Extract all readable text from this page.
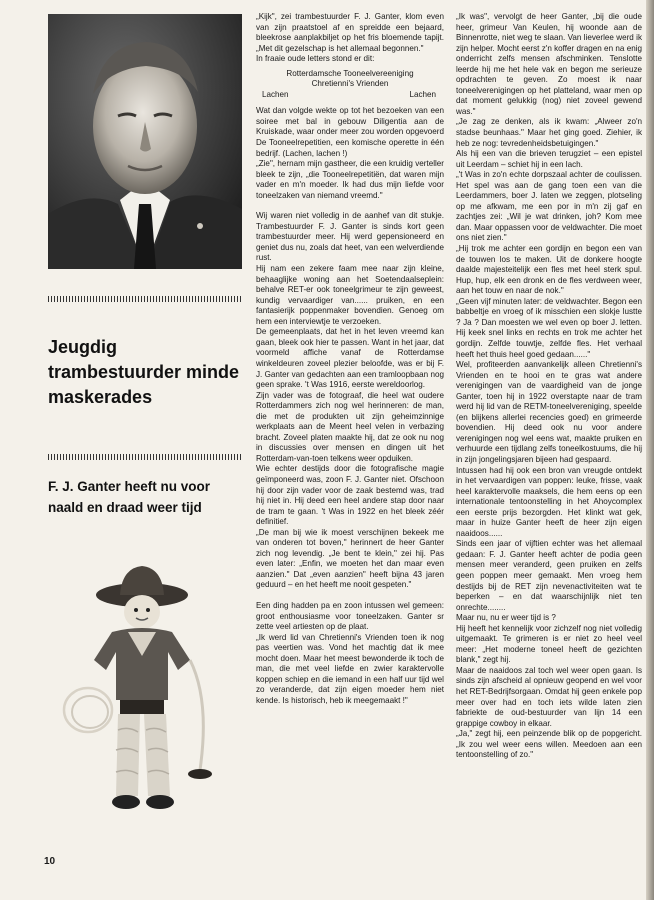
Jeugdig trambestuurder minde maskerades
F. J. Ganter heeft nu voor naald en draad weer tijd

„Kijk", zei trambestuurder F. J. Ganter, klom even van zijn praatstoel af en spreidde een bejaard, bleekrose aanplakbiljet op het fris bloemende tapijt. „Met dit gezelschap is het allemaal begonnen."

In fraaie oude letters stond er dit:

Rotterdamsche Tooneelvereeniging
Chretienni's Vrienden
Lachen	Lachen

Wat dan volgde wekte op tot het bezoeken van een soiree met bal in gebouw Diligentia aan de Kruiskade, waar onder meer zou worden opgevoerd De Tooneelrepetitien, een komische operette in één bedrijf. (Lachen, lachen !)

„Zie", hernam mijn gastheer, die een kruidig verteller bleek te zijn, „die Tooneelrepetitiën, dat waren mijn vader en m'n moeder. Ik had dus mijn liefde voor toneelzaken van niemand vreemd."

Wij waren niet volledig in de aanhef van dit stukje. Trambestuurder F. J. Ganter is sinds kort geen trambestuurder meer. Hij werd gepensioneerd en geniet dus nu, zoals dat heet, van een welverdiende rust.

Hij nam een zekere faam mee naar zijn kleine, behaaglijke woning aan het Soetendaalseplein: behalve RET-er ook toneelgrimeur te zijn geweest, kundig vervaardiger van...... pruiken, en een fantasierijk poppenmaker bovendien. Genoeg om hem een interviewtje te verzoeken.

De gemeenplaats, dat het in het leven vreemd kan gaan, bleek ook hier te passen. Want in het jaar, dat voormeld affiche vanaf de Rotterdamse winkeldeuren zoveel plezier beloofde, was er bij F. J. Ganter van gedachten aan een tramloopbaan nog geen sprake. 't Was 1916, eerste wereldoorlog.

Zijn vader was de fotograaf, die heel wat oudere Rotterdammers zich nog wel herinneren: de man, die met de produkten uit zijn geheimzinnige werkplaats aan de Meent heel velen in verbazing bracht. Zoveel platen maakte hij, dat ze ook nu nog in discussies over mensen en dingen uit het Rotterdam-van-toen telkens weer opduiken.

Wie echter destijds door die fotografische magie geïmponeerd was, zoon F. J. Ganter niet. Ofschoon hij door zijn vader voor de zaak bestemd was, trad hij niet in. Hij deed een heel andere stap door naar de tram te gaan. 't Was in 1922 en het bleek zéér definitief.

„De man bij wie ik moest verschijnen bekeek me van onderen tot boven," herinnert de heer Ganter zich nog levendig. „Je bent te klein," zei hij. Pas even later: „Enfin, we moeten het dan maar even aanzien." Dat „even aanzien" heeft bijna 43 jaren geduurd – en het heeft me nooit gespeten."

Een ding hadden pa en zoon intussen wel gemeen: groot enthousiasme voor toneelzaken. Ganter sr zette veel artiesten op de plaat.

„Ik werd lid van Chretienni's Vrienden toen ik nog pas veertien was. Vond het machtig dat ik mee mocht doen. Maar het meest bewonderde ik toch de man, die met veel liefde en zwier karaktervolle koppen schiep en die iemand in een half uur tijd wel zo veranderde, dat zijn eigen moeder hem niet kende. Is historisch, heb ik meegemaakt !"

„Ik was", vervolgt de heer Ganter, „bij die oude heer, grimeur Van Keulen, hij woonde aan de Binnenrotte, niet weg te slaan. Van lieverlee werd ik zijn helper. Mocht eerst z'n koffer dragen en na enig onderricht zelfs mensen afschminken. Tenslotte leerde hij me het hele vak en begon me serieuze opdrachten te geven. Zo moest ik naar toneelverenigingen op het platteland, waar men op dat moment gelukkig (nog) niet zoveel gewend was."

„Je zag ze denken, als ik kwam: „Alweer zo'n stadse beunhaas." Maar het ging goed. Ziehier, ik heb ze nog: tevredenheidsbetuigingen."

Als hij een van die brieven terugziet – een epistel uit Leerdam – schiet hij in een lach.

„'t Was in zo'n echte dorpszaal achter de coulissen. Het spel was aan de gang toen een van die Leerdammers, boer J. laten we zeggen, plotseling op me afkwam, me een por in m'n zij gaf en zachtjes zei: „Wil je wat drinken, joh? Kom mee dan. Maar oppassen voor de veldwachter. Die moet ons niet zien."

„Hij trok me achter een gordijn en begon een van de touwen los te maken. Uit de donkere hoogte daalde majesteitelijk een fles met heel sterk spul. Hup, hup, elk een dronk en de fles verdween weer, aan het touw en naar de nok."

„Geen vijf minuten later: de veldwachter. Begon een babbeltje en vroeg of ik misschien een slokje lustte ? Ja ? Dan moesten we wel even op boer J. letten. Hij keek snel links en rechts en trok me achter het gordijn. Zelfde touwtje, zelfde fles. Het verhaal heeft het thuis heel goed gedaan......"

Wel, profiteerden aanvankelijk alleen Chretienni's Vrienden en te hooi en te gras wat andere verenigingen van de vaardigheid van de jonge Ganter, toen hij in 1922 overstapte naar de tram werd hij lid van de RETM-toneelvereniging, speelde (en blijkens allerlei recencies goed) en grimeerde bovendien. Hij deed ook nu voor andere verenigingen nog wel eens wat, maakte pruiken en verhuurde een tijdlang zelfs toneelkostuums, die hij in zijn jongelingsjaren bijeen had gespaard.

Intussen had hij ook een bron van vreugde ontdekt in het vervaardigen van poppen: leuke, frisse, vaak heel karaktervolle maaksels, die hem eens op een internationale tentoonstelling in het Ahoycomplex een eerste prijs bezorgden. Het klinkt wat gek, maar in huize Ganter heeft de heer zijn eigen naaidoos......

Sinds een jaar of vijftien echter was het allemaal gedaan: F. J. Ganter heeft achter de podia geen mensen meer veranderd, geen pruiken en zelfs geen poppen meer gemaakt. Men vroeg hem destijds bij de RET zijn nevenactiviteiten wat te beperken – en dat waarschijnlijk niet ten onrechte........

Maar nu, nu er weer tijd is ?

Hij heeft het kennelijk voor zichzelf nog niet volledig uitgemaakt. Te grimeren is er niet zo heel veel meer: „Het moderne toneel heeft de gezichten blank," zegt hij.

Maar de naaidoos zal toch wel weer open gaan. Is sinds zijn afscheid al opnieuw geopend en wel voor het RET-Bedrijfsorgaan. Omdat hij geen enkele pop meer over had en toch iets wilde laten zien fabriekte de oud-bestuurder van lijn 14 een grappige cowboy in elkaar.

„Ja," zegt hij, een peinzende blik op de popgericht. „Ik zou wel weer eens willen. Meedoen aan een tentoonstelling of zo."

10
